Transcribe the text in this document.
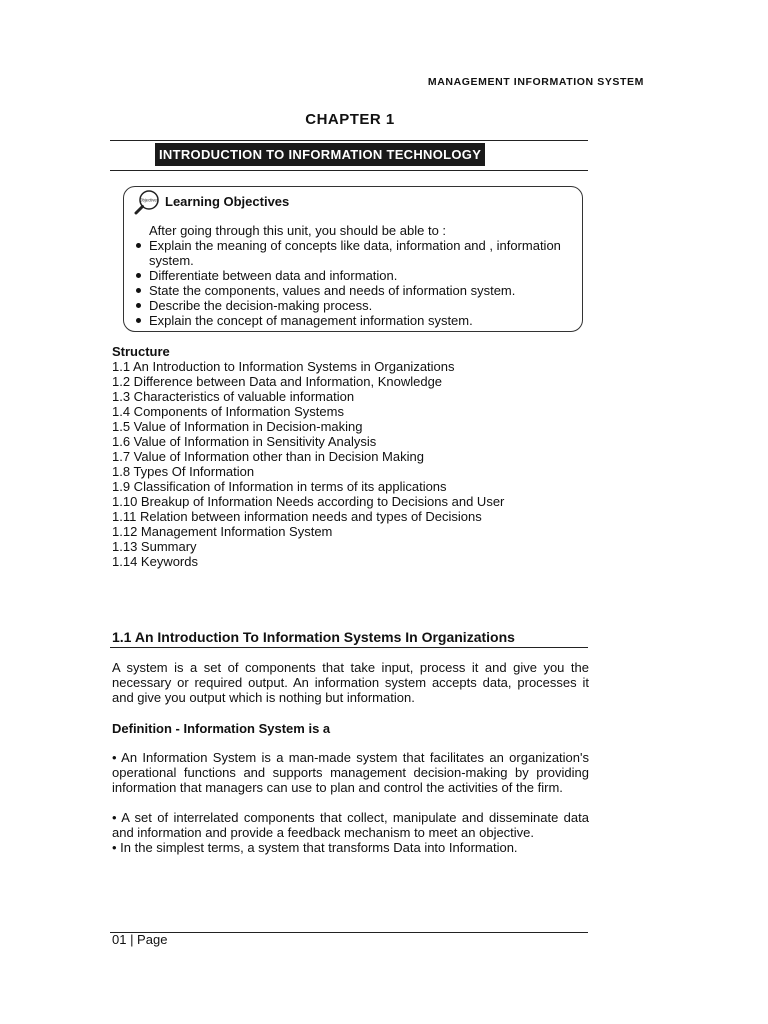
MANAGEMENT INFORMATION SYSTEM
CHAPTER 1
INTRODUCTION TO INFORMATION TECHNOLOGY
Objectives Learning Objectives
After going through this unit, you should be able to :
Explain the meaning of concepts like data, information and , information system.
Differentiate between data and information.
State the components, values and needs of information system.
Describe the decision-making process.
Explain the concept of management information system.
Structure
1.1 An Introduction to Information Systems in Organizations
1.2 Difference between Data and Information, Knowledge
1.3 Characteristics of valuable information
1.4 Components of Information Systems
1.5 Value of Information in Decision-making
1.6 Value of Information in Sensitivity Analysis
1.7 Value of Information other than in Decision Making
1.8 Types Of Information
1.9 Classification of Information in terms of its applications
1.10 Breakup of Information Needs according to Decisions and User
1.11 Relation between information needs and types of Decisions
1.12 Management Information System
1.13 Summary
1.14 Keywords
1.1 An Introduction To Information Systems In Organizations
A system is a set of components that take input, process it and give you the necessary or required output. An information system accepts data, processes it and give you output which is nothing but information.
Definition - Information System is a
• An Information System is a man-made system that facilitates an organization's operational functions and supports management decision-making by providing information that managers can use to plan and control the activities of the firm.
• A set of interrelated components that collect, manipulate and disseminate data and information and provide a feedback mechanism to meet an objective.
• In the simplest terms, a system that transforms Data into Information.
01 | Page
